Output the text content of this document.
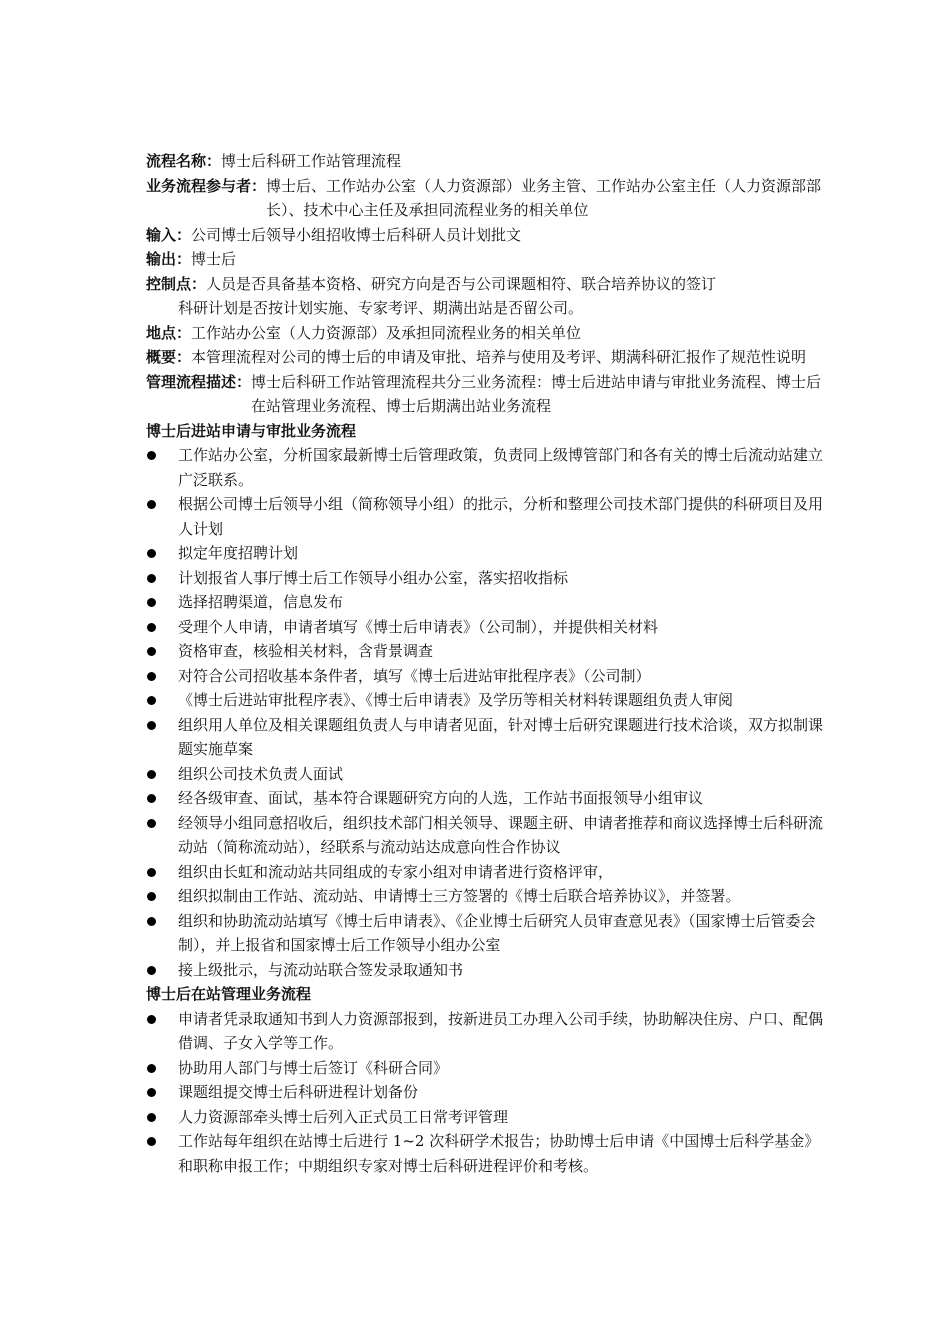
流程名称： 博士后科研工作站管理流程
业务流程参与者： 博士后、工作站办公室（人力资源部）业务主管、工作站办公室主任（人力资源部部长）、技术中心主任及承担同流程业务的相关单位
输入： 公司博士后领导小组招收博士后科研人员计划批文
输出： 博士后
控制点：人员是否具备基本资格、研究方向是否与公司课题相符、联合培养协议的签订
科研计划是否按计划实施、专家考评、期满出站是否留公司。
地点： 工作站办公室（人力资源部）及承担同流程业务的相关单位
概要： 本管理流程对公司的博士后的申请及审批、培养与使用及考评、期满科研汇报作了规范性说明
管理流程描述： 博士后科研工作站管理流程共分三业务流程：博士后进站申请与审批业务流程、博士后在站管理业务流程、博士后期满出站业务流程
博士后进站申请与审批业务流程
工作站办公室，分析国家最新博士后管理政策，负责同上级博管部门和各有关的博士后流动站建立广泛联系。
根据公司博士后领导小组（简称领导小组）的批示，分析和整理公司技术部门提供的科研项目及用人计划
拟定年度招聘计划
计划报省人事厅博士后工作领导小组办公室，落实招收指标
选择招聘渠道，信息发布
受理个人申请，申请者填写《博士后申请表》（公司制），并提供相关材料
资格审查，核验相关材料，含背景调查
对符合公司招收基本条件者，填写《博士后进站审批程序表》（公司制）
《博士后进站审批程序表》、《博士后申请表》及学历等相关材料转课题组负责人审阅
组织用人单位及相关课题组负责人与申请者见面，针对博士后研究课题进行技术洽谈，双方拟制课题实施草案
组织公司技术负责人面试
经各级审查、面试，基本符合课题研究方向的人选，工作站书面报领导小组审议
经领导小组同意招收后，组织技术部门相关领导、课题主研、申请者推荐和商议选择博士后科研流动站（简称流动站），经联系与流动站达成意向性合作协议
组织由长虹和流动站共同组成的专家小组对申请者进行资格评审，
组织拟制由工作站、流动站、申请博士三方签署的《博士后联合培养协议》，并签署。
组织和协助流动站填写《博士后申请表》、《企业博士后研究人员审查意见表》（国家博士后管委会制），并上报省和国家博士后工作领导小组办公室
接上级批示，与流动站联合签发录取通知书
博士后在站管理业务流程
申请者凭录取通知书到人力资源部报到，按新进员工办理入公司手续，协助解决住房、户口、配偶借调、子女入学等工作。
协助用人部门与博士后签订《科研合同》
课题组提交博士后科研进程计划备份
人力资源部牵头博士后列入正式员工日常考评管理
工作站每年组织在站博士后进行 1~2 次科研学术报告；协助博士后申请《中国博士后科学基金》和职称申报工作；中期组织专家对博士后科研进程评价和考核。
